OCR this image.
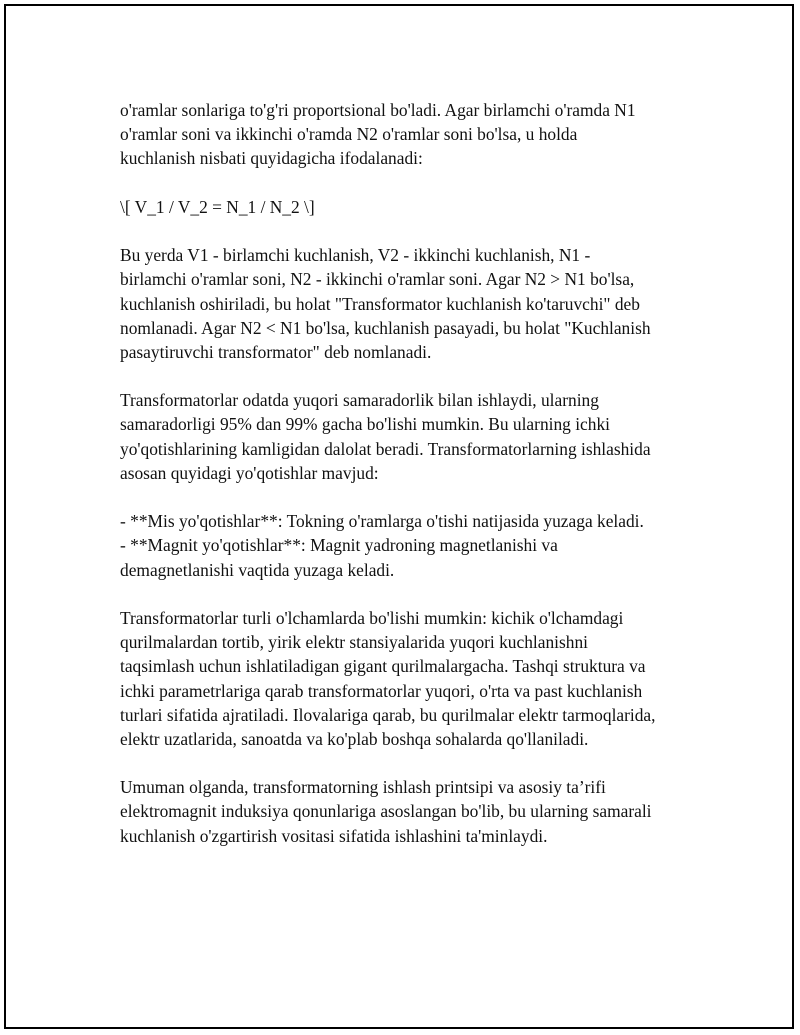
o'ramlar sonlariga to'g'ri proportsional bo'ladi. Agar birlamchi o'ramda N1
o'ramlar soni va ikkinchi o'ramda N2 o'ramlar soni bo'lsa, u holda
kuchlanish nisbati quyidagicha ifodalanadi:
\[ V_1 / V_2 = N_1 / N_2 \]
Bu yerda V1 - birlamchi kuchlanish, V2 - ikkinchi kuchlanish, N1 -
birlamchi o'ramlar soni, N2 - ikkinchi o'ramlar soni. Agar N2 > N1 bo'lsa,
kuchlanish oshiriladi, bu holat "Transformator kuchlanish ko'taruvchi" deb
nomlanadi. Agar N2 < N1 bo'lsa, kuchlanish pasayadi, bu holat "Kuchlanish
pasaytiruvchi transformator" deb nomlanadi.
Transformatorlar odatda yuqori samaradorlik bilan ishlaydi, ularning
samaradorligi 95% dan 99% gacha bo'lishi mumkin. Bu ularning ichki
yo'qotishlarining kamligidan dalolat beradi. Transformatorlarning ishlashida
asosan quyidagi yo'qotishlar mavjud:
- **Mis yo'qotishlar**: Tokning o'ramlarga o'tishi natijasida yuzaga keladi.
- **Magnit yo'qotishlar**: Magnit yadroning magnetlanishi va
demagnetlanishi vaqtida yuzaga keladi.
Transformatorlar turli o'lchamlarda bo'lishi mumkin: kichik o'lchamdagi
qurilmalardan tortib, yirik elektr stansiyalarida yuqori kuchlanishni
taqsimlash uchun ishlatiladigan gigant qurilmalargacha. Tashqi struktura va
ichki parametrlariga qarab transformatorlar yuqori, o'rta va past kuchlanish
turlari sifatida ajratiladi. Ilovalariga qarab, bu qurilmalar elektr tarmoqlarida,
elektr uzatlarida, sanoatda va ko'plab boshqa sohalarda qo'llaniladi.
Umuman olganda, transformatorning ishlash printsipi va asosiy ta’rifi
elektromagnit induksiya qonunlariga asoslangan bo'lib, bu ularning samarali
kuchlanish o'zgartirish vositasi sifatida ishlashini ta'minlaydi.
